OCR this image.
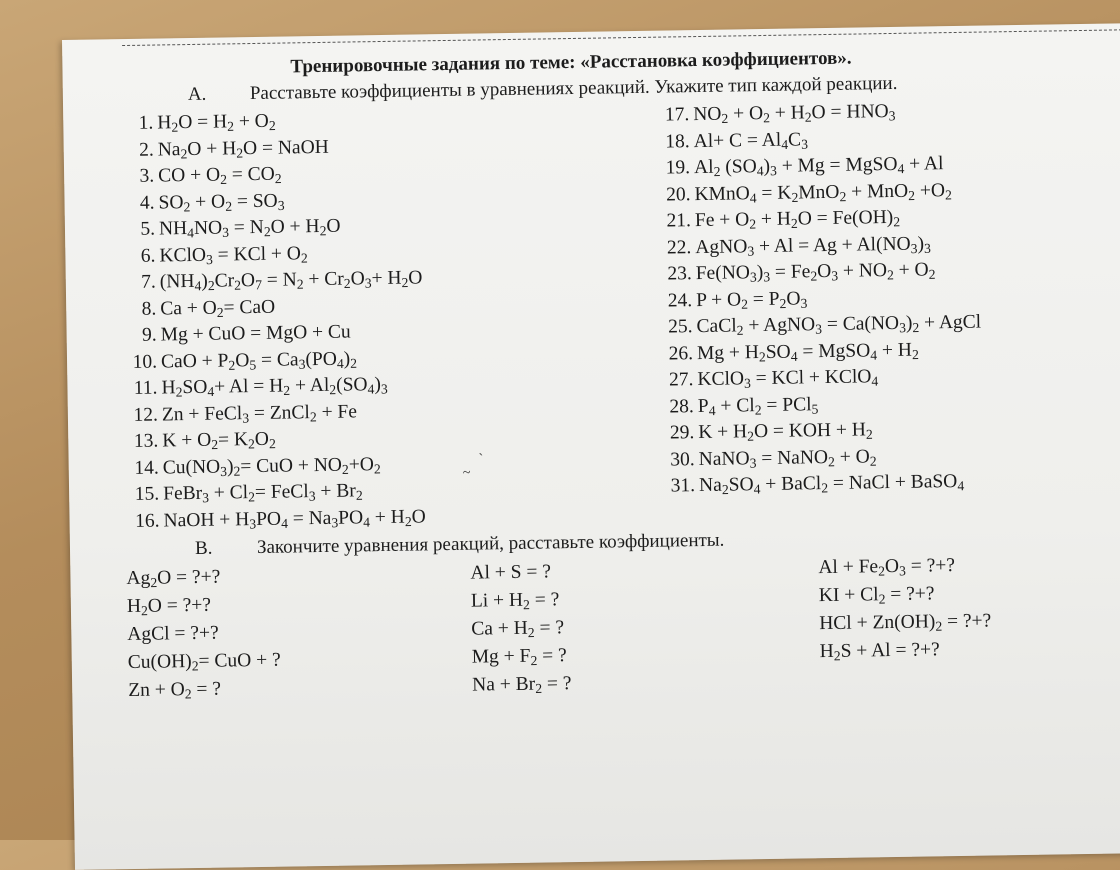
Тренировочные задания по теме: «Расстановка коэффициентов».
А. Расставьте коэффициенты в уравнениях реакций. Укажите тип каждой реакции.
1. $H_2O = H_2 + O_2$
2. $Na_2O + H_2O$ = NaOH
3. CO + $O_2 = CO_2$
4. $SO_2 + O_2 = SO_3$
5. $NH_4NO_3 = N_2O + H_2O$
6. KClO$_3$ = KCl + $O_2$
7. $(NH_4)_2Cr_2O_7 = N_2 + Cr_2O_3+ H_2O$
8. $Ca + O_2=$ CaO
9. Mg + CuO = MgO + Cu
10. CaO + $P_2O_5 = Ca_3(PO_4)_2$
11. $H_2SO_4+ Al = H_2 + Al_2(SO_4)_3$
12. Zn + FeCl$_3$ = ZnCl$_2$ + Fe
13. $K + O_2= K_2O_2$
14. $Cu(NO_3)_2=$ CuO + $NO_2+O_2$
15. FeBr$_3$ + $Cl_2=$ FeCl$_3$ + $Br_2$
16. NaOH + $H_3PO_4 = Na_3PO_4 + H_2O$
17. $NO_2 + O_2 + H_2O = HNO_3$
18. $Al+ C = Al_4C_3$
19. $Al_2$ $(SO_4)_3 + Mg$ = MgSO$_4$ + Al
20. KMnO$_4$ = $K_2MnO_2 + MnO_2 +O_2$
21. $Fe + O_2 + H_2O = Fe(OH)_2$
22. AgNO$_3$ + $Al = Ag + Al(NO_3)_3$
23. $Fe(NO_3)_3 = Fe_2O_3 + NO_2 + O_2$
24. $P + O_2 = P_2O_3$
25. CaCl$_2$ + AgNO$_3$ = $Ca(NO_3)_2$ + AgCl
26. $Mg + H_2SO_4$ = MgSO$_4$ + $H_2$
27. KClO$_3$ = KCl + KClO$_4$
28. $P_4 + Cl_2 = PCl_5$
29. $K + H_2O$ = KOH + $H_2$
30. NaNO$_3$ = NaNO$_2$ + $O_2$
31. $Na_2SO_4$ + BaCl$_2$ = NaCl + BaSO$_4$
В. Закончите уравнения реакций, расставьте коэффициенты.
$Ag_2O$ = ?+?
$H_2O$ = ?+?
AgCl = ?+?
$Cu(OH)_2=$ CuO + ?
$Zn + O_2$ = ?
Al + S = ?
$Li + H_2$ = ?
$Ca + H_2$ = ?
$Mg + F_2$ = ?
$Na + Br_2$ = ?
$Al + Fe_2O_3$ = ?+?
KI + $Cl_2$ = ?+?
HCl + $Zn(OH)_2$ = ?+?
$H_2S + Al$ = ?+?
ˏ
~
